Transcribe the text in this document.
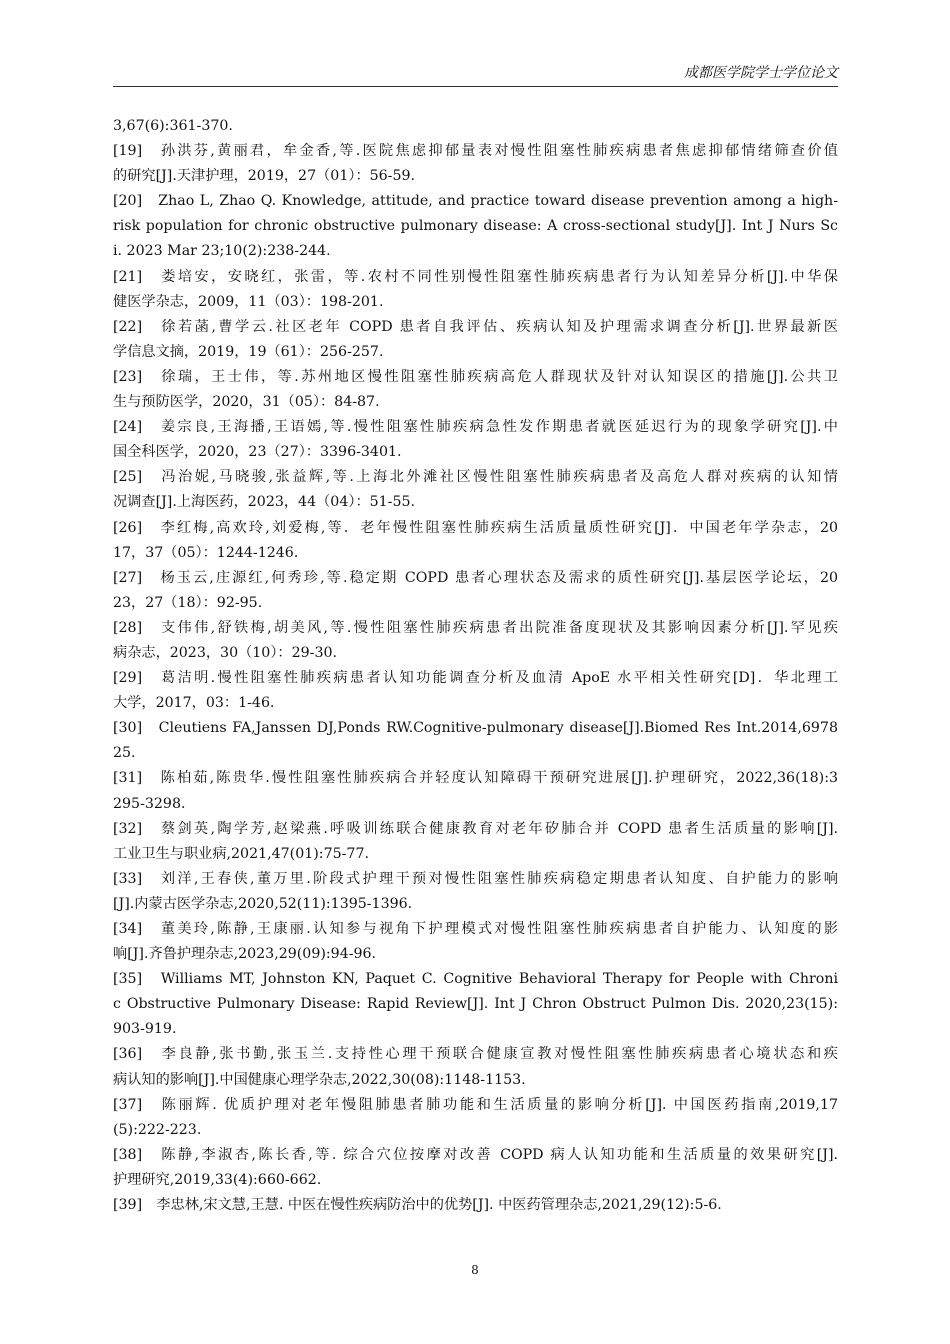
成都医学院学士学位论文
3,67(6):361-370.
[19]　孙洪芬,黄丽君，牟金香,等.医院焦虑抑郁量表对慢性阻塞性肺疾病患者焦虑抑郁情绪筛查价值
的研究[J].天津护理，2019，27（01）：56-59.
[20]　Zhao L, Zhao Q. Knowledge, attitude, and practice toward disease prevention among a high-
risk population for chronic obstructive pulmonary disease: A cross-sectional study[J]. Int J Nurs Sc
i. 2023 Mar 23;10(2):238-244.
[21]　娄培安，安晓红，张雷，等.农村不同性别慢性阻塞性肺疾病患者行为认知差异分析[J].中华保
健医学杂志，2009，11（03）：198-201.
[22]　徐若菡,曹学云.社区老年 COPD 患者自我评估、疾病认知及护理需求调查分析[J].世界最新医
学信息文摘，2019，19（61）：256-257.
[23]　徐瑞，王士伟，等.苏州地区慢性阻塞性肺疾病高危人群现状及针对认知误区的措施[J].公共卫
生与预防医学，2020，31（05）：84-87.
[24]　姜宗良,王海播,王语嫣,等.慢性阻塞性肺疾病急性发作期患者就医延迟行为的现象学研究[J].中
国全科医学，2020，23（27）：3396-3401.
[25]　冯治妮,马晓骏,张益辉,等.上海北外滩社区慢性阻塞性肺疾病患者及高危人群对疾病的认知情
况调查[J].上海医药，2023，44（04）：51-55.
[26]　李红梅,高欢玲,刘爱梅,等．老年慢性阻塞性肺疾病生活质量质性研究[J]．中国老年学杂志，20
17，37（05）：1244-1246．
[27]　杨玉云,庄源红,何秀珍,等.稳定期 COPD 患者心理状态及需求的质性研究[J].基层医学论坛，20
23，27（18）：92-95.
[28]　支伟伟,舒铁梅,胡美风,等.慢性阻塞性肺疾病患者出院准备度现状及其影响因素分析[J].罕见疾
病杂志，2023，30（10）：29-30.
[29]　葛洁明.慢性阻塞性肺疾病患者认知功能调查分析及血清 ApoE 水平相关性研究[D]．华北理工
大学，2017，03：1-46．
[30]　Cleutiens FA,Janssen DJ,Ponds RW.Cognitive-pulmonary disease[J].Biomed Res Int.2014,6978
25.
[31]　陈柏茹,陈贵华.慢性阻塞性肺疾病合并轻度认知障碍干预研究进展[J].护理研究，2022,36(18):3
295-3298.
[32]　蔡剑英,陶学芳,赵梁燕.呼吸训练联合健康教育对老年矽肺合并 COPD 患者生活质量的影响[J].
工业卫生与职业病,2021,47(01):75-77.
[33]　刘洋,王春侠,董万里.阶段式护理干预对慢性阻塞性肺疾病稳定期患者认知度、自护能力的影响
[J].内蒙古医学杂志,2020,52(11):1395-1396.
[34]　董美玲,陈静,王康丽.认知参与视角下护理模式对慢性阻塞性肺疾病患者自护能力、认知度的影
响[J].齐鲁护理杂志,2023,29(09):94-96.
[35]　Williams MT, Johnston KN, Paquet C. Cognitive Behavioral Therapy for People with Chroni
c Obstructive Pulmonary Disease: Rapid Review[J]. Int J Chron Obstruct Pulmon Dis. 2020,23(15):
903-919.
[36]　李良静,张书勤,张玉兰.支持性心理干预联合健康宣教对慢性阻塞性肺疾病患者心境状态和疾
病认知的影响[J].中国健康心理学杂志,2022,30(08):1148-1153.
[37]　陈丽辉. 优质护理对老年慢阻肺患者肺功能和生活质量的影响分析[J]. 中国医药指南,2019,17
(5):222-223.
[38]　陈静,李淑杏,陈长香,等. 综合穴位按摩对改善 COPD 病人认知功能和生活质量的效果研究[J].
护理研究,2019,33(4):660-662.
[39]　李忠林,宋文慧,王慧. 中医在慢性疾病防治中的优势[J]. 中医药管理杂志,2021,29(12):5-6.
8
